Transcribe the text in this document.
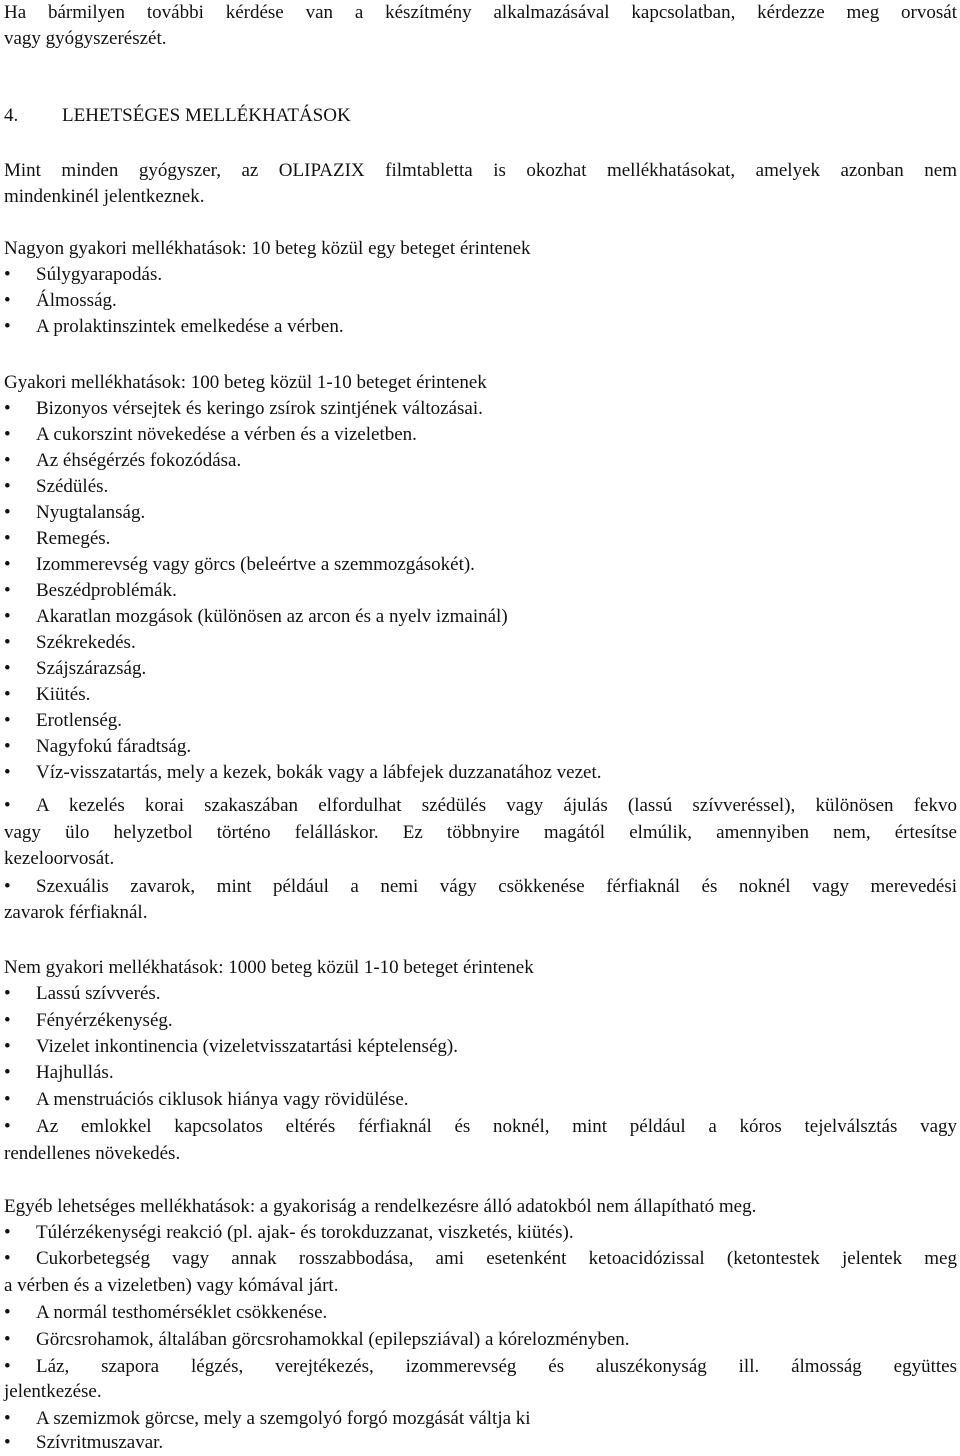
Ha bármilyen további kérdése van a készítmény alkalmazásával kapcsolatban, kérdezze meg orvosát

vagy gyógyszerészét.

4. LEHETSÉGES MELLÉKHATÁSOK

Mint minden gyógyszer, az OLIPAZIX filmtabletta is okozhat mellékhatásokat, amelyek azonban nem

mindenkinél jelentkeznek.

Nagyon gyakori mellékhatások: 10 beteg közül egy beteget érintenek

•	Súlygyarapodás.
•	Álmosság.
•	A prolaktinszintek emelkedése a vérben.

Gyakori mellékhatások: 100 beteg közül 1-10 beteget érintenek

•	Bizonyos vérsejtek és keringo zsírok szintjének változásai.
•	A cukorszint növekedése a vérben és a vizeletben.
•	Az éhségérzés fokozódása.
•	Szédülés.
•	Nyugtalanság.
•	Remegés.
•	Izommerevség vagy görcs (beleértve a szemmozgásokét).
•	Beszédproblémák.
•	Akaratlan mozgások (különösen az arcon és a nyelv izmainál)
•	Székrekedés.
•	Szájszárazság.
•	Kiütés.
•	Erotlenség.
•	Nagyfokú fáradtság.
•	Víz-visszatartás, mely a kezek, bokák vagy a lábfejek duzzanatához vezet.
•	A kezelés korai szakaszában elfordulhat szédülés vagy ájulás (lassú szívveréssel), különösen fekvo

vagy ülo helyzetbol történo felálláskor. Ez többnyire magától elmúlik, amennyiben nem, értesítse

kezeloorvosát.

•	Szexuális zavarok, mint például a nemi vágy csökkenése férfiaknál és noknél vagy merevedési

zavarok férfiaknál.

Nem gyakori mellékhatások: 1000 beteg közül 1-10 beteget érintenek

•	Lassú szívverés.
•	Fényérzékenység.
•	Vizelet inkontinencia (vizeletvisszatartási képtelenség).
•	Hajhullás.
•	A menstruációs ciklusok hiánya vagy rövidülése.
•	Az emlokkel kapcsolatos eltérés férfiaknál és noknél, mint például a kóros tejelválsztás vagy

rendellenes növekedés.

Egyéb lehetséges mellékhatások: a gyakoriság a rendelkezésre álló adatokból nem állapítható meg.

•	Túlérzékenységi reakció (pl. ajak- és torokduzzanat, viszketés, kiütés).
•	Cukorbetegség vagy annak rosszabbodása, ami esetenként ketoacidózissal (ketontestek jelentek meg

a vérben és a vizeletben) vagy kómával járt.

•	A normál testhomérséklet csökkenése.
•	Görcsrohamok, általában görcsrohamokkal (epilepsziával) a kórelozményben.
•	Láz, szapora légzés, verejtékezés, izommerevség és aluszékonyság ill. álmosság együttes

jelentkezése.

•	A szemizmok görcse, mely a szemgolyó forgó mozgását váltja ki
•	Szívritmuszavar.
